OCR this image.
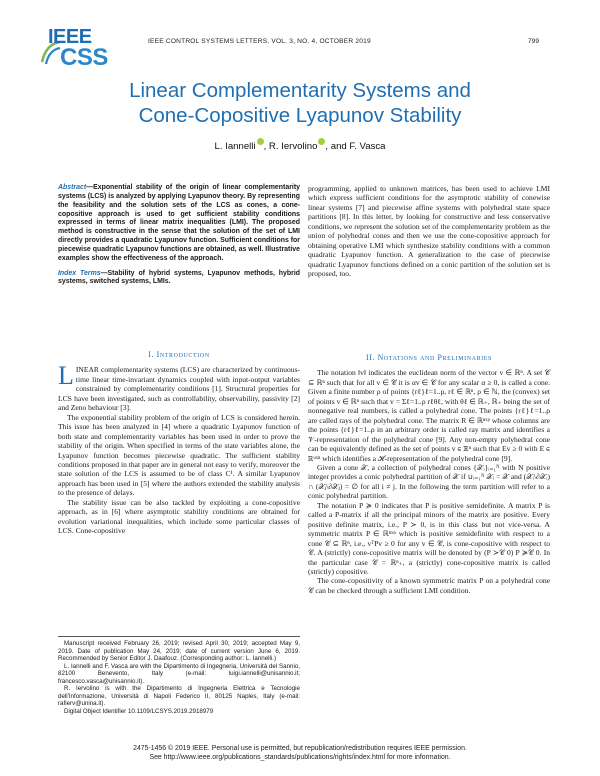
IEEE
CSS
IEEE CONTROL SYSTEMS LETTERS, VOL. 3, NO. 4, OCTOBER 2019	799
Linear Complementarity Systems and
Cone-Copositive Lyapunov Stability
L. Iannelli , R. Iervolino , and F. Vasca
Abstract—Exponential stability of the origin of linear complementarity systems (LCS) is analyzed by applying Lyapunov theory. By representing the feasibility and the solution sets of the LCS as cones, a cone-copositive approach is used to get sufficient stability conditions expressed in terms of linear matrix inequalities (LMI). The proposed method is constructive in the sense that the solution of the set of LMI directly provides a quadratic Lyapunov function. Sufficient conditions for piecewise quadratic Lyapunov functions are obtained, as well. Illustrative examples show the effectiveness of the approach.
Index Terms—Stability of hybrid systems, Lyapunov methods, hybrid systems, switched systems, LMIs.
I. Introduction

LINEAR complementarity systems (LCS) are characterized by continuous-time linear time-invariant dynamics coupled with input-output variables constrained by complementarity conditions [1]. Structural properties for LCS have been investigated, such as controllability, observability, passivity [2] and Zeno behaviour [3].

The exponential stability problem of the origin of LCS is considered herein. This issue has been analyzed in [4] where a quadratic Lyapunov function of both state and complementarity variables has been used in order to prove the stability of the origin. When specified in terms of the state variables alone, the Lyapunov function becomes piecewise quadratic. The sufficient stability conditions proposed in that paper are in general not easy to verify, moreover the state solution of the LCS is assumed to be of class C¹. A similar Lyapunov approach has been used in [5] where the authors extended the stability analysis to the presence of delays.

The stability issue can be also tackled by exploiting a cone-copositive approach, as in [6] where asymptotic stability conditions are obtained for evolution variational inequalities, which include some particular classes of LCS. Cone-copositive

Manuscript received February 26, 2019; revised April 30, 2019; accepted May 9, 2019. Date of publication May 24, 2019; date of current version June 6, 2019. Recommended by Senior Editor J. Daafouz. (Corresponding author: L. Iannelli.)

L. Iannelli and F. Vasca are with the Dipartimento di Ingegneria, Università del Sannio, 82100 Benevento, Italy (e-mail: luigi.iannelli@unisannio.it; francesco.vasca@unisannio.it).

R. Iervolino is with the Dipartimento di Ingegneria Elettrica e Tecnologie dell'Informazione, Università di Napoli Federico II, 80125 Naples, Italy (e-mail: rafierv@unina.it).

Digital Object Identifier 10.1109/LCSYS.2019.2918979

programming, applied to unknown matrices, has been used to achieve LMI which express sufficient conditions for the asymptotic stability of conewise linear systems [7] and piecewise affine systems with polyhedral state space partitions [8]. In this letter, by looking for constructive and less conservative conditions, we represent the solution set of the complementarity problem as the union of polyhedral cones and then we use the cone-copositive approach for obtaining operative LMI which synthesize stability conditions with a common quadratic Lyapunov function. A generalization to the case of piecewise quadratic Lyapunov functions defined on a conic partition of the solution set is proposed, too.

II. Notations and Preliminaries

The notation ‖v‖ indicates the euclidean norm of the vector v ∈ ℝⁿ. A set 𝒞 ⊆ ℝⁿ such that for all v ∈ 𝒞 it is αv ∈ 𝒞 for any scalar α ≥ 0, is called a cone. Given a finite number ρ of points {rℓ}ℓ=1..ρ, rℓ ∈ ℝⁿ, ρ ∈ ℕ, the (convex) set of points v ∈ ℝⁿ such that v = Σℓ=1..ρ rℓθℓ, with θℓ ∈ ℝ₊, ℝ₊ being the set of nonnegative real numbers, is called a polyhedral cone. The points {rℓ}ℓ=1..ρ are called rays of the polyhedral cone. The matrix R ∈ ℝⁿˣᵖ whose columns are the points {rℓ}ℓ=1..ρ in an arbitrary order is called ray matrix and identifies a 𝒱-representation of the polyhedral cone [9]. Any non-empty polyhedral cone can be equivalently defined as the set of points v ∈ ℝⁿ such that Ev ≥ 0 with E ∈ ℝᵘˣⁿ which identifies a ℋ-representation of the polyhedral cone [9].

Given a cone 𝒳, a collection of polyhedral cones {𝒳ᵢ}ᵢ₌₁ᴺ with N positive integer provides a conic polyhedral partition of 𝒳 if ∪ᵢ₌₁ᴺ 𝒳ᵢ = 𝒳 and (𝒳ᵢ\∂𝒳ᵢ) ∩ (𝒳ⱼ\∂𝒳ⱼ) = ∅ for all i ≠ j. In the following the term partition will refer to a conic polyhedral partition.

The notation P ≽ 0 indicates that P is positive semidefinite. A matrix P is called a P-matrix if all the principal minors of the matrix are positive. Every positive definite matrix, i.e., P ≻ 0, is in this class but not vice-versa. A symmetric matrix P ∈ ℝⁿˣⁿ which is positive semidefinite with respect to a cone 𝒞 ⊆ ℝⁿ, i.e., vᵀPv ≥ 0 for any v ∈ 𝒞, is cone-copositive with respect to 𝒞. A (strictly) cone-copositive matrix will be denoted by (P ≻𝒞 0) P ≽𝒞 0. In the particular case 𝒞 = ℝⁿ₊, a (strictly) cone-copositive matrix is called (strictly) copositive.

The cone-copositivity of a known symmetric matrix P on a polyhedral cone 𝒞 can be checked through a sufficient LMI condition.

2475-1456 © 2019 IEEE. Personal use is permitted, but republication/redistribution requires IEEE permission.
See http://www.ieee.org/publications_standards/publications/rights/index.html for more information.
